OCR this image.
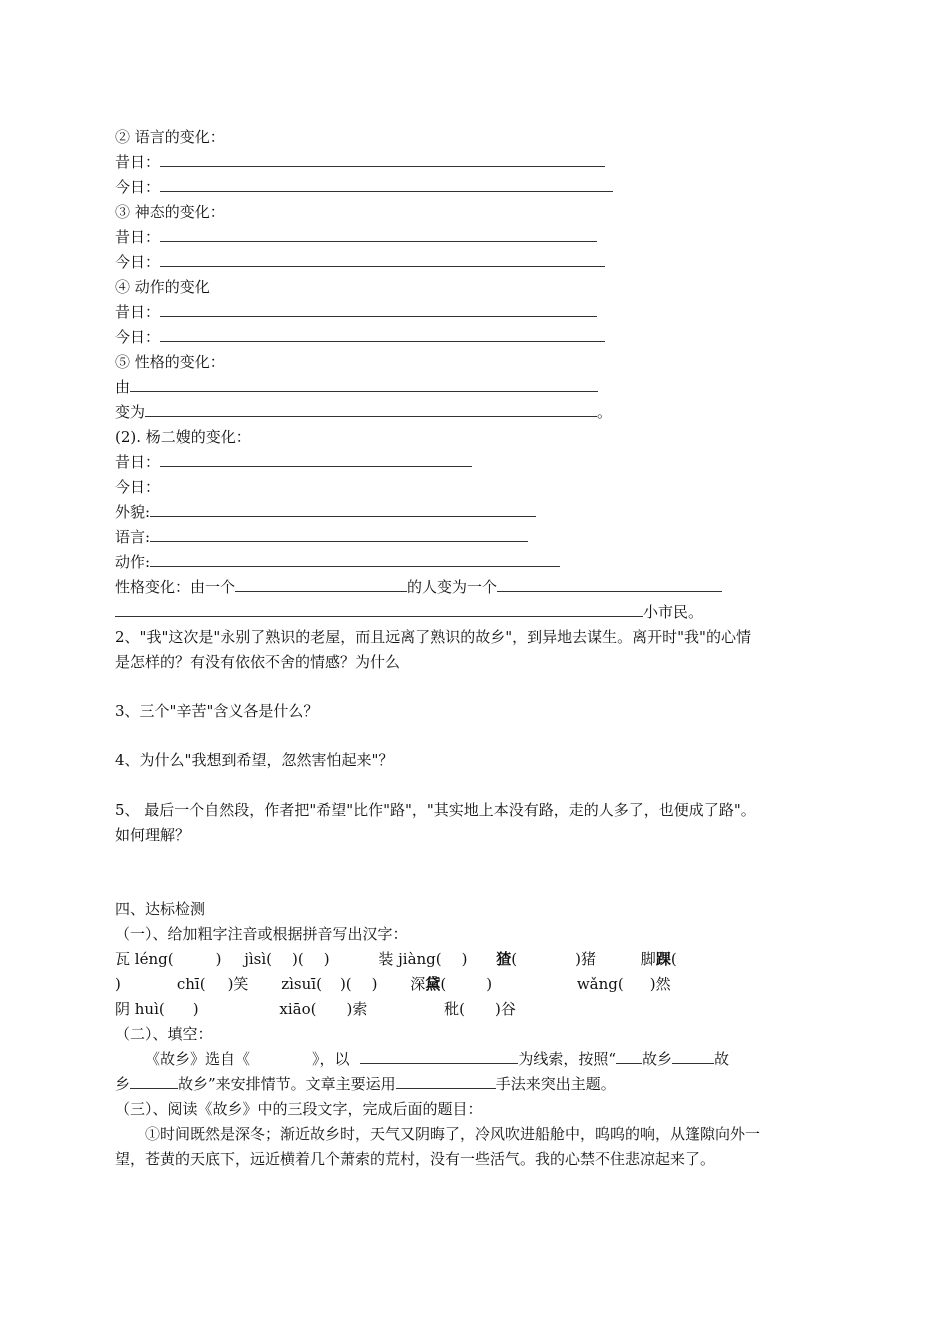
② 语言的变化：
昔日：
今日：
③ 神态的变化：
昔日：
今日：
④ 动作的变化
昔日：
今日：
⑤ 性格的变化：
由
变为	。
(2). 杨二嫂的变化：
昔日：
今日：
外貌:
语言:
动作:
性格变化：由一个	的人变为一个
小市民。
2、"我"这次是"永别了熟识的老屋，而且远离了熟识的故乡"，到异地去谋生。离开时"我"的心情
是怎样的？有没有依依不舍的情感？为什么
3、三个"辛苦"含义各是什么？
4、为什么"我想到希望，忽然害怕起来"？
5、 最后一个自然段，作者把"希望"比作"路"，"其实地上本没有路，走的人多了，也便成了路"。
如何理解？
四、达标检测
（一）、给加粗字注音或根据拼音写出汉字：
瓦 léng(	) jìsì( )( )	装 jiàng( ) 猹(	)猪	脚踝(
)	chī( )笑 zìsuī( )( ) 深黛(	)	wǎng( )然
阴 huì( )	xiāo( )索	秕( )谷
（二）、填空：
《故乡》选自《	》，以	为线索，按照“ 故乡	故
乡	故乡”来安排情节。文章主要运用	手法来突出主题。
（三）、阅读《故乡》中的三段文字，完成后面的题目：
①时间既然是深冬；渐近故乡时，天气又阴晦了，冷风吹进船舱中，呜呜的响，从篷隙向外一
望，苍黄的天底下，远近横着几个萧索的荒村，没有一些活气。我的心禁不住悲凉起来了。
